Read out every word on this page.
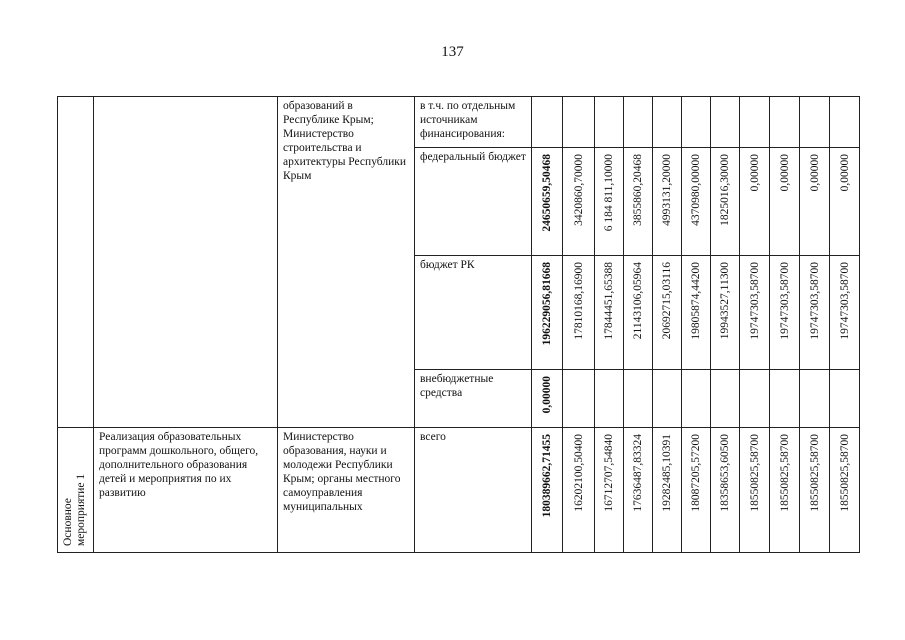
137

		образований в Республике Крым; Министерство строительства и архитектуры Республики Крым	в т.ч. по отдельным источникам финансирования:											

			федеральный бюджет	24650659,50468	3420860,70000	6 184 811,10000	3855860,20468	4993131,20000	4370980,00000	1825016,30000	0,00000	0,00000	0,00000	0,00000

			бюджет РК	196229056,81668	17810168,16900	17844451,65388	21143106,05964	20692715,03116	19805874,44200	19943527,11300	19747303,58700	19747303,58700	19747303,58700	19747303,58700

			внебюджетные средства	0,00000										

Основное мероприятие 1	Реализация образовательных программ дошкольного, общего, дополнительного образования детей и мероприятия по их развитию	Министерство образования, науки и молодежи Республики Крым; органы местного самоуправления муниципальных	всего	180389662,71455	16202100,50400	16712707,54840	17636487,83324	19282485,10391	18087205,57200	18358653,60500	18550825,58700	18550825,58700	18550825,58700	18550825,58700
